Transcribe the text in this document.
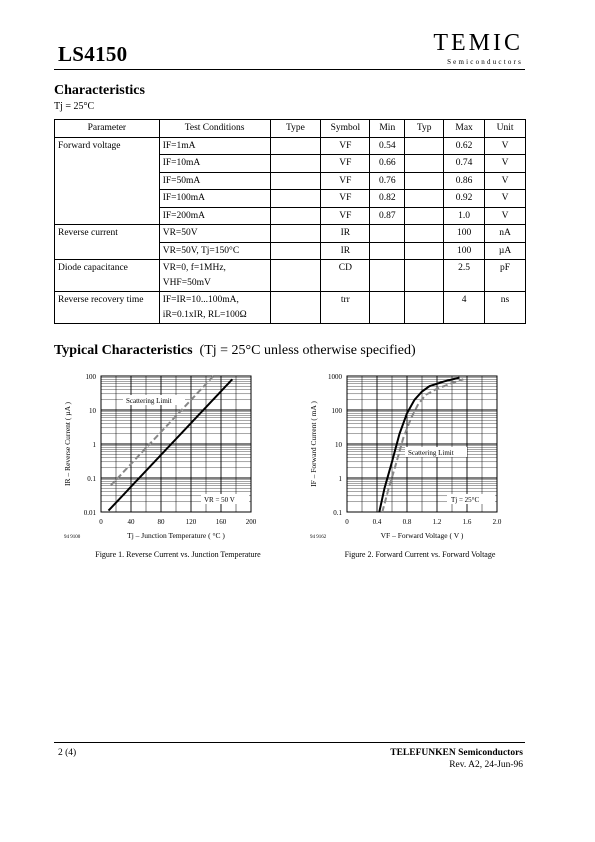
LS4150	TEMIC
Semiconductors
Characteristics
Tj = 25°C
Parameter	Test Conditions	Type	Symbol	Min	Typ	Max	Unit
Forward voltage	IF=1mA		VF	0.54		0.62	V
	IF=10mA		VF	0.66		0.74	V
	IF=50mA		VF	0.76		0.86	V
	IF=100mA		VF	0.82		0.92	V
	IF=200mA		VF	0.87		1.0	V
Reverse current	VR=50V		IR			100	nA
	VR=50V, Tj=150°C		IR			100	µA
Diode capacitance	VR=0, f=1MHz,
VHF=50mV		CD			2.5	pF
Reverse recovery time	IF=IR=10...100mA,
iR=0.1xIR, RL=100Ω		trr			4	ns
Typical Characteristics (Tj = 25°C unless otherwise specified)
0.01
0.1
1
10
100
0	40	80	120	160	200
Scattering Limit
VR = 50 V
Tj – Junction Temperature ( °C )
IR – Reverse Current ( µA )
94 9100
Figure 1. Reverse Current vs. Junction Temperature
0.1
1
10
100
1000
0	0.4	0.8	1.2	1.6	2.0
Scattering Limit
Tj = 25°C
VF – Forward Voltage ( V )
IF – Forward Current ( mA )
94 9162
Figure 2. Forward Current vs. Forward Voltage
2 (4)	TELEFUNKEN Semiconductors
Rev. A2, 24-Jun-96
